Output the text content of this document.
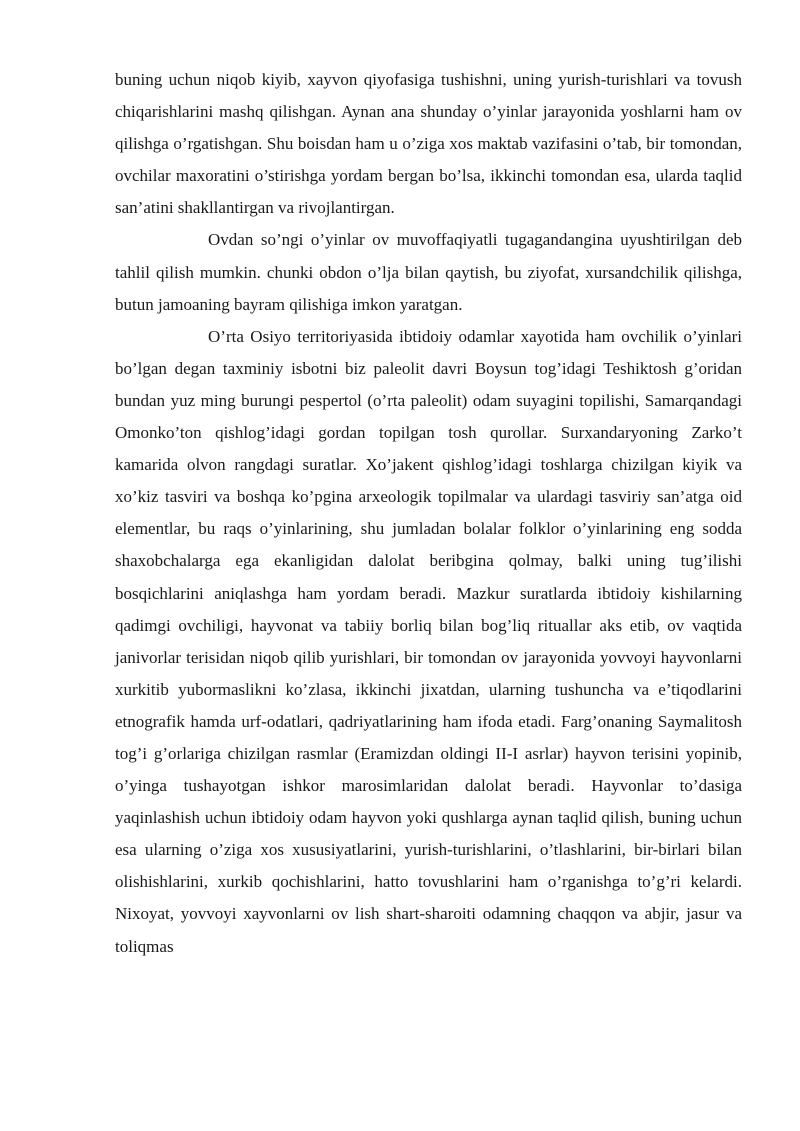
buning uchun niqob kiyib, xayvon qiyofasiga tushishni, uning yurish-turishlari va tovush chiqarishlarini mashq qilishgan. Aynan ana shunday o’yinlar jarayonida yoshlarni ham ov qilishga o’rgatishgan. Shu boisdan ham u o’ziga xos maktab vazifasini o’tab, bir tomondan, ovchilar maxoratini o’stirishga yordam bergan bo’lsa, ikkinchi tomondan esa, ularda taqlid san’atini shakllantirgan va rivojlantirgan.

Ovdan so’ngi o’yinlar ov muvoffaqiyatli tugagandangina uyushtirilgan deb tahlil qilish mumkin. chunki obdon o’lja bilan qaytish, bu ziyofat, xursandchilik qilishga, butun jamoaning bayram qilishiga imkon yaratgan.

O’rta Osiyo territoriyasida ibtidoiy odamlar xayotida ham ovchilik o’yinlari bo’lgan degan taxminiy isbotni biz paleolit davri Boysun tog’idagi Teshiktosh g’oridan bundan yuz ming burungi pespertol (o’rta paleolit) odam suyagini topilishi, Samarqandagi Omonko’ton qishlog’idagi gordan topilgan tosh qurollar. Surxandaryoning Zarko’t kamarida olvon rangdagi suratlar. Xo’jakent qishlog’idagi toshlarga chizilgan kiyik va xo’kiz tasviri va boshqa ko’pgina arxeologik topilmalar va ulardagi tasviriy san’atga oid elementlar, bu raqs o’yinlarining, shu jumladan bolalar folklor o’yinlarining eng sodda shaxobchalarga ega ekanligidan dalolat beribgina qolmay, balki uning tug’ilishi bosqichlarini aniqlashga ham yordam beradi. Mazkur suratlarda ibtidoiy kishilarning qadimgi ovchiligi, hayvonat va tabiiy borliq bilan bog’liq rituallar aks etib, ov vaqtida janivorlar terisidan niqob qilib yurishlari, bir tomondan ov jarayonida yovvoyi hayvonlarni xurkitib yubormaslikni ko’zlasa, ikkinchi jixatdan, ularning tushuncha va e’tiqodlarini etnografik hamda urf-odatlari, qadriyatlarining ham ifoda etadi. Farg’onaning Saymalitosh tog’i g’orlariga chizilgan rasmlar (Eramizdan oldingi II-I asrlar) hayvon terisini yopinib, o’yinga tushayotgan ishkor marosimlaridan dalolat beradi. Hayvonlar to’dasiga yaqinlashish uchun ibtidoiy odam hayvon yoki qushlarga aynan taqlid qilish, buning uchun esa ularning o’ziga xos xususiyatlarini, yurish-turishlarini, o’tlashlarini, bir-birlari bilan olishishlarini, xurkib qochishlarini, hatto tovushlarini ham o’rganishga to’g’ri kelardi. Nixoyat, yovvoyi xayvonlarni ov lish shart-sharoiti odamning chaqqon va abjir, jasur va toliqmas
